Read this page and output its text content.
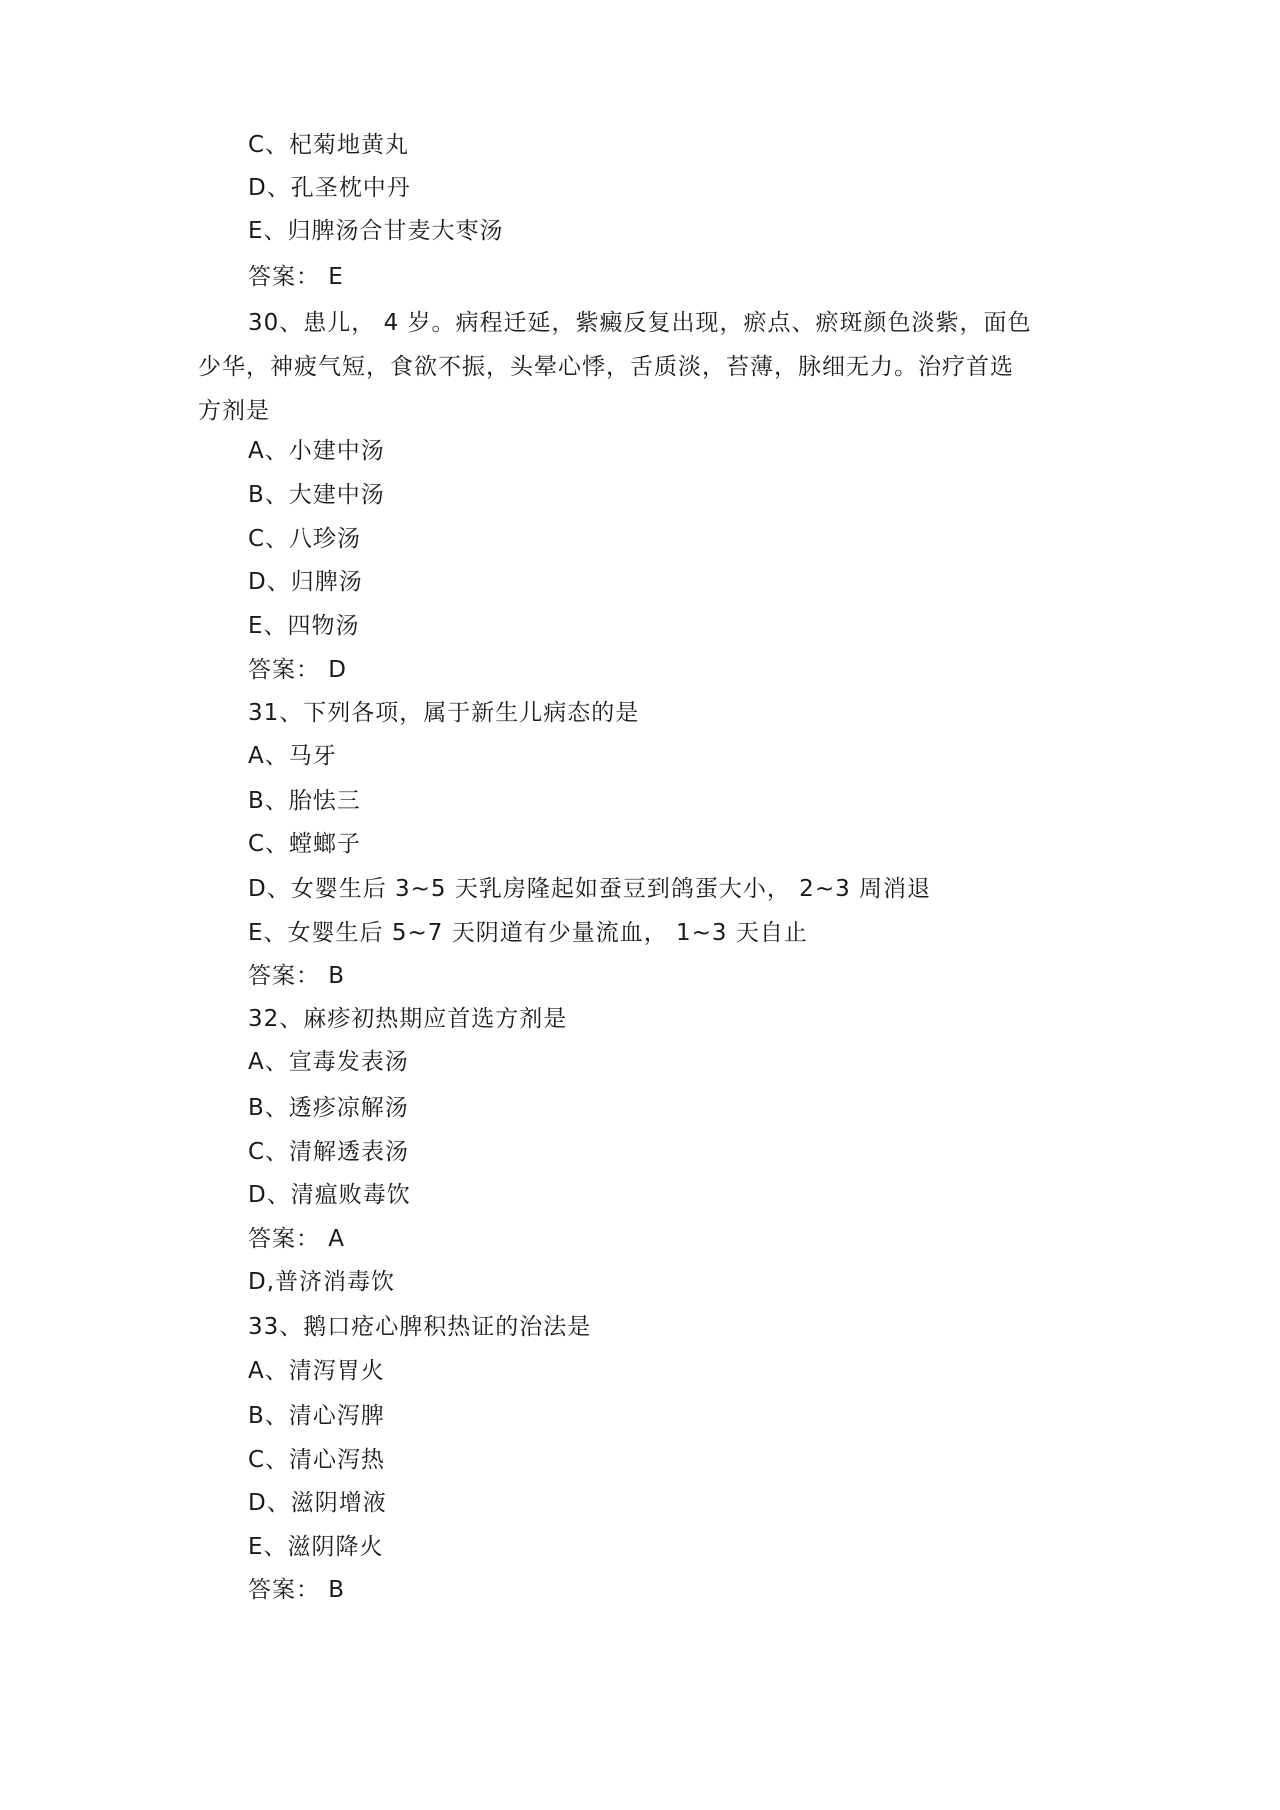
C、杞菊地黄丸
D、孔圣枕中丹
E、归脾汤合甘麦大枣汤
答案： E
30、患儿， 4 岁。病程迁延，紫癜反复出现，瘀点、瘀斑颜色淡紫，面色
少华，神疲气短，食欲不振，头晕心悸，舌质淡，苔薄，脉细无力。治疗首选
方剂是
A、小建中汤
B、大建中汤
C、八珍汤
D、归脾汤
E、四物汤
答案： D
31、下列各项，属于新生儿病态的是
A、马牙
B、胎怯三
C、螳螂子
D、女婴生后 3~5 天乳房隆起如蚕豆到鸽蛋大小， 2~3 周消退
E、女婴生后 5~7 天阴道有少量流血， 1~3 天自止
答案： B
32、麻疹初热期应首选方剂是
A、宣毒发表汤
B、透疹凉解汤
C、清解透表汤
D、清瘟败毒饮
答案： A
D,普济消毒饮
33、鹅口疮心脾积热证的治法是
A、清泻胃火
B、清心泻脾
C、清心泻热
D、滋阴增液
E、滋阴降火
答案： B
